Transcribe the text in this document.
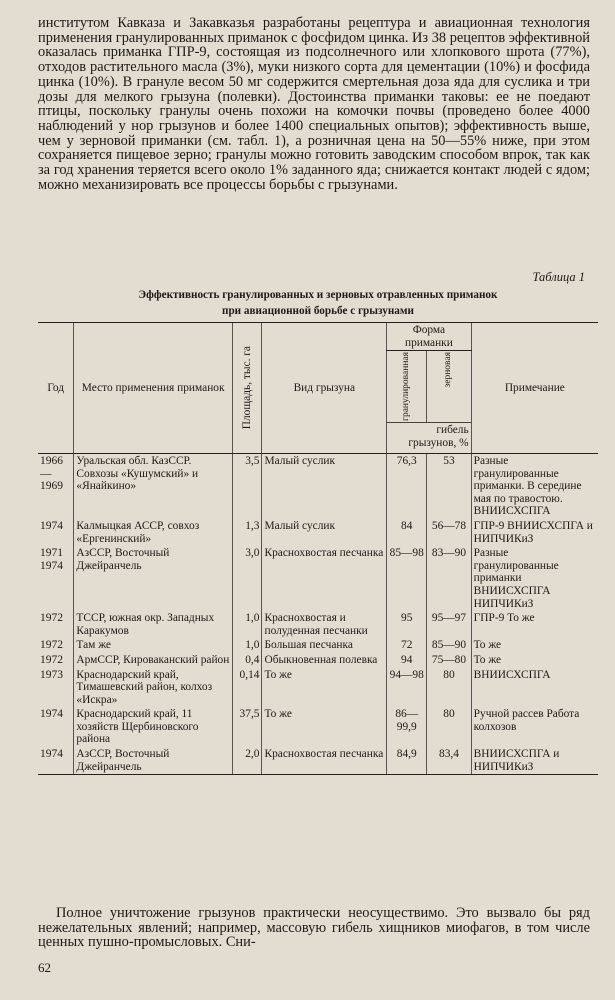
институтом Кавказа и Закавказья разработаны рецептура и авиационная технология применения гранулированных приманок с фосфидом цинка. Из 38 рецептов эффективной оказалась приманка ГПР-9, состоящая из подсолнечного или хлопкового шрота (77%), отходов растительного масла (3%), муки низкого сорта для цементации (10%) и фосфида цинка (10%). В грануле весом 50 мг содержится смертельная доза яда для суслика и три дозы для мелкого грызуна (полевки). Достоинства приманки таковы: ее не поедают птицы, поскольку гранулы очень похожи на комочки почвы (проведено более 4000 наблюдений у нор грызунов и более 1400 специальных опытов); эффективность выше, чем у зерновой приманки (см. табл. 1), а розничная цена на 50—55% ниже, при этом сохраняется пищевое зерно; гранулы можно готовить заводским способом впрок, так как за год хранения теряется всего около 1% заданного яда; снижается контакт людей с ядом; можно механизировать все процессы борьбы с грызунами.

Таблица 1
Эффективность гранулированных и зерновых отравленных приманок
при авиационной борьбе с грызунами
Год	Место применения приманок	Площадь, тыс. га	Вид грызуна	Форма приманки		Примечание

				гранулированная	зерновая	

				гибель грызунов, %		
1966—1969	Уральская обл. КазССР. Совхозы «Кушумский» и «Янайкино»	3,5	Малый суслик	76,3	53	Разные гранулированные приманки. В середине мая по травостою. ВНИИСХСПГА
1974	Калмыцкая АССР, совхоз «Ергенинский»	1,3	Малый суслик	84	56—78	ГПР-9 ВНИИСХСПГА и НИПЧИКиЗ
1971 1974	АзССР, Восточный Джейранчель	3,0	Краснохвостая песчанка	85—98	83—90	Разные гранулированные приманки ВНИИСХСПГА НИПЧИКиЗ
1972	ТССР, южная окр. Западных Каракумов	1,0	Краснохвостая и полуденная песчанки	95	95—97	ГПР-9 То же
1972	Там же	1,0	Большая песчанка	72	85—90	То же
1972	АрмССР, Кироваканский район	0,4	Обыкновенная полевка	94	75—80	То же
1973	Краснодарский край, Тимашевский район, колхоз «Искра»	0,14	То же	94—98	80	ВНИИСХСПГА
1974	Краснодарский край, 11 хозяйств Щербиновского района	37,5	То же	86—99,9	80	Ручной рассев Работа колхозов
1974	АзССР, Восточный Джейранчель	2,0	Краснохвостая песчанка	84,9	83,4	ВНИИСХСПГА и НИПЧИКиЗ

Полное уничтожение грызунов практически неосуществимо. Это вызвало бы ряд нежелательных явлений; например, массовую гибель хищников миофагов, в том числе ценных пушно-промысловых. Сни-

62
